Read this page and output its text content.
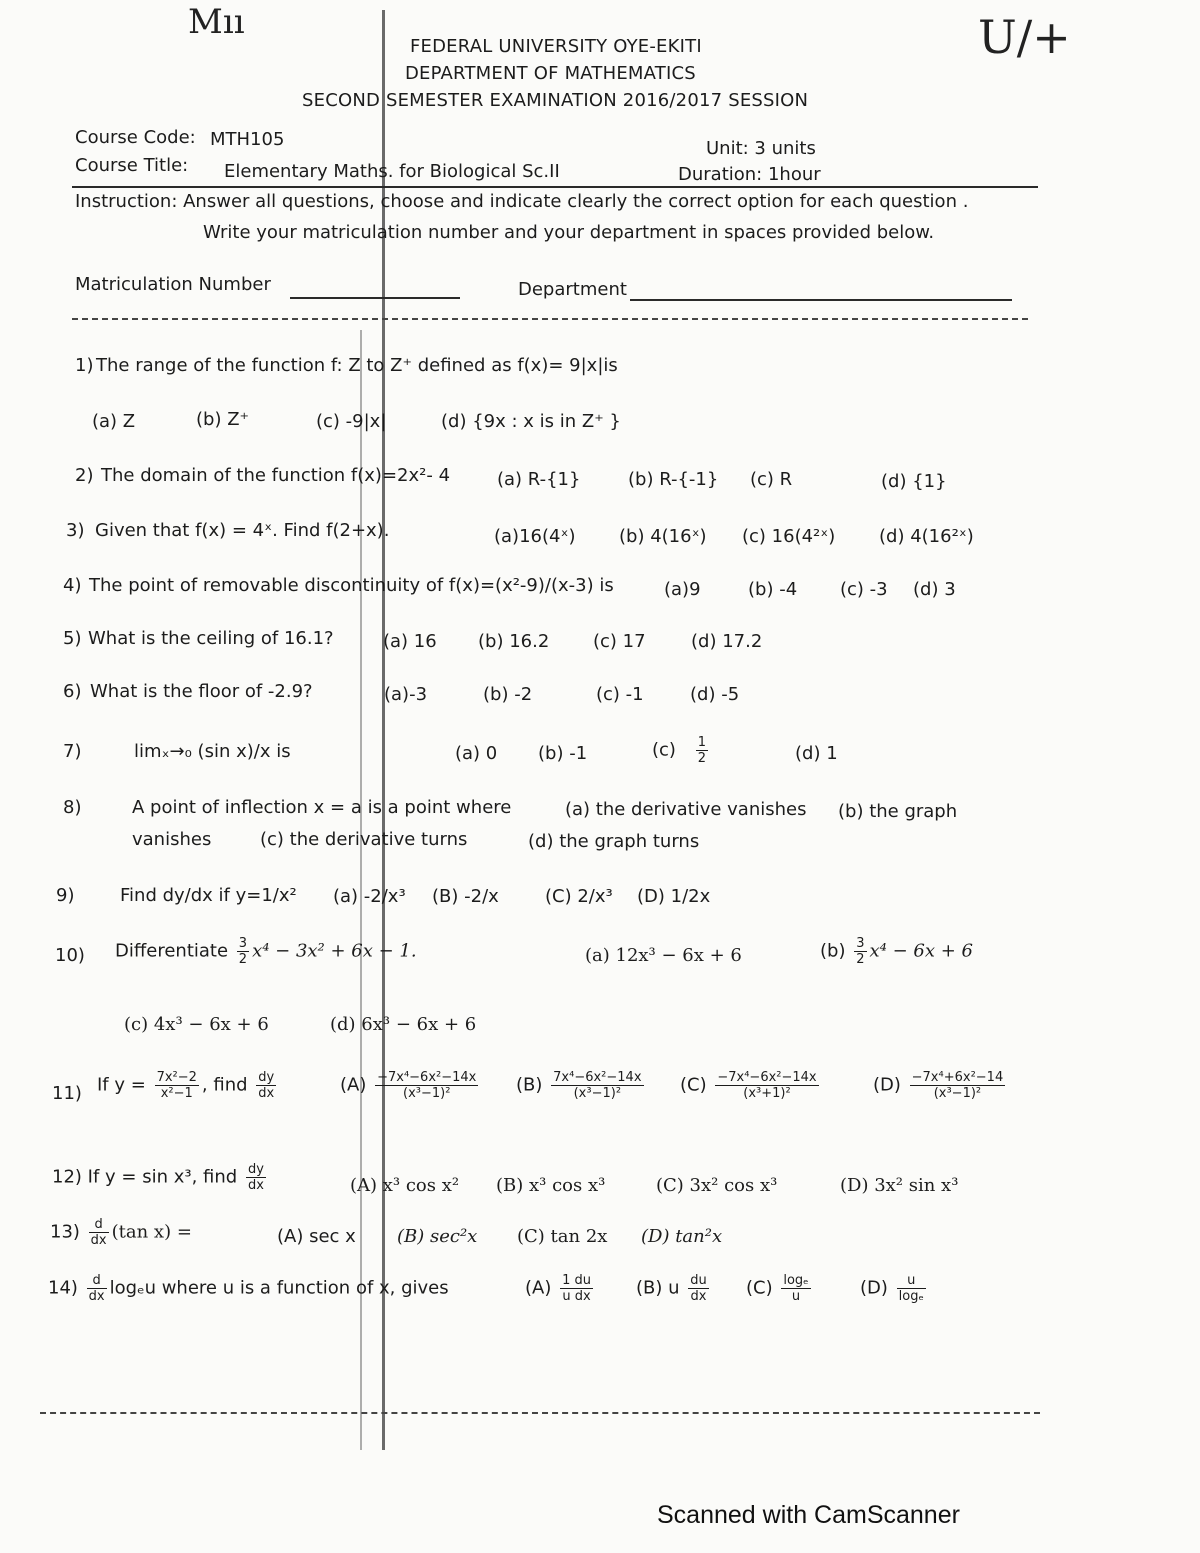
Mıı	U/+
FEDERAL UNIVERSITY OYE-EKITI
DEPARTMENT OF MATHEMATICS
SECOND SEMESTER EXAMINATION 2016/2017 SESSION
Course Code: MTH105
Course Title: Elementary Maths. for Biological Sc.II
Unit: 3 units
Duration: 1hour
Instruction: Answer all questions, choose and indicate clearly the correct option for each question .
Write your matriculation number and your department in spaces provided below.
Matriculation Number	Department
1) The range of the function f: Z to Z⁺ defined as f(x)= 9|x|is
(a) Z	(b) Z⁺	(c) -9|x|	(d) {9x : x is in Z⁺ }
2) The domain of the function f(x)=2x²- 4	(a) R-{1}	(b) R-{-1} (c) R	(d) {1}
3) Given that f(x) = 4ˣ. Find f(2+x).	(a)16(4ˣ) (b) 4(16ˣ) (c) 16(4²ˣ) (d) 4(16²ˣ)
4) The point of removable discontinuity of f(x)=(x²-9)/(x-3) is	(a)9	(b) -4 (c) -3 (d) 3
5) What is the ceiling of 16.1?	(a) 16 (b) 16.2 (c) 17	(d) 17.2
6) What is the floor of -2.9?	(a)-3	(b) -2	(c) -1	(d) -5
7)	limₓ→₀ (sin x)/x is	(a) 0 (b) -1	$(c) \frac{1}{2}$	(d) 1
8)	A point of inflection x = a is a point where	(a) the derivative vanishes (b) the graph
vanishes	(c) the derivative turns	(d) the graph turns
9)	Find dy/dx if y=1/x² (a) -2/x³ (B) -2/x	(C) 2/x³ (D) 1/2x
10) Differentiate $\frac{3}{2} x^4 - 3x^2 + 6x - 1$.	(a) 12x³ − 6x + 6	$(b) \frac{3}{2} x^4 - 6x + 6$
(c) 4x³ − 6x + 6	(d) 6x³ − 6x + 6
11) If $y = \frac{\text{7x²−2}}{\text{x²−1}}$ , find $\frac{dy}{dx}$	$(A) \frac{\text{−7x⁴−6x²−14x}}{\text{(x³−1)²}} (B) \frac{\text{7x⁴−6x²−14x}}{\text{(x³−1)²}} (C) \frac{\text{−7x⁴−6x²−14x}}{\text{(x³+1)²}}$	$(D) \frac{\text{−7x⁴+6x²−14}}{\text{(x³−1)²}}$
12) If y = sin x³, find $\frac{dy}{dx}$	(A) x³ cos x² (B) x³ cos x³	(C) 3x² cos x³	(D) 3x² sin x³
$13) \frac{d}{dx} (\tan$ x) =	(A) sec x (B) sec²x (C) tan 2x (D) tan²x
$14) \frac{d}{dx}$ logₑu where u is a function of x, gives	$(A) \frac{1 du}{\text{u dx}} (B)$ u $\frac{du}{dx} (C) \frac{\text{logₑ}}{u}$	$(D) \frac{u}{\text{logₑ}}$
Scanned with CamScanner
